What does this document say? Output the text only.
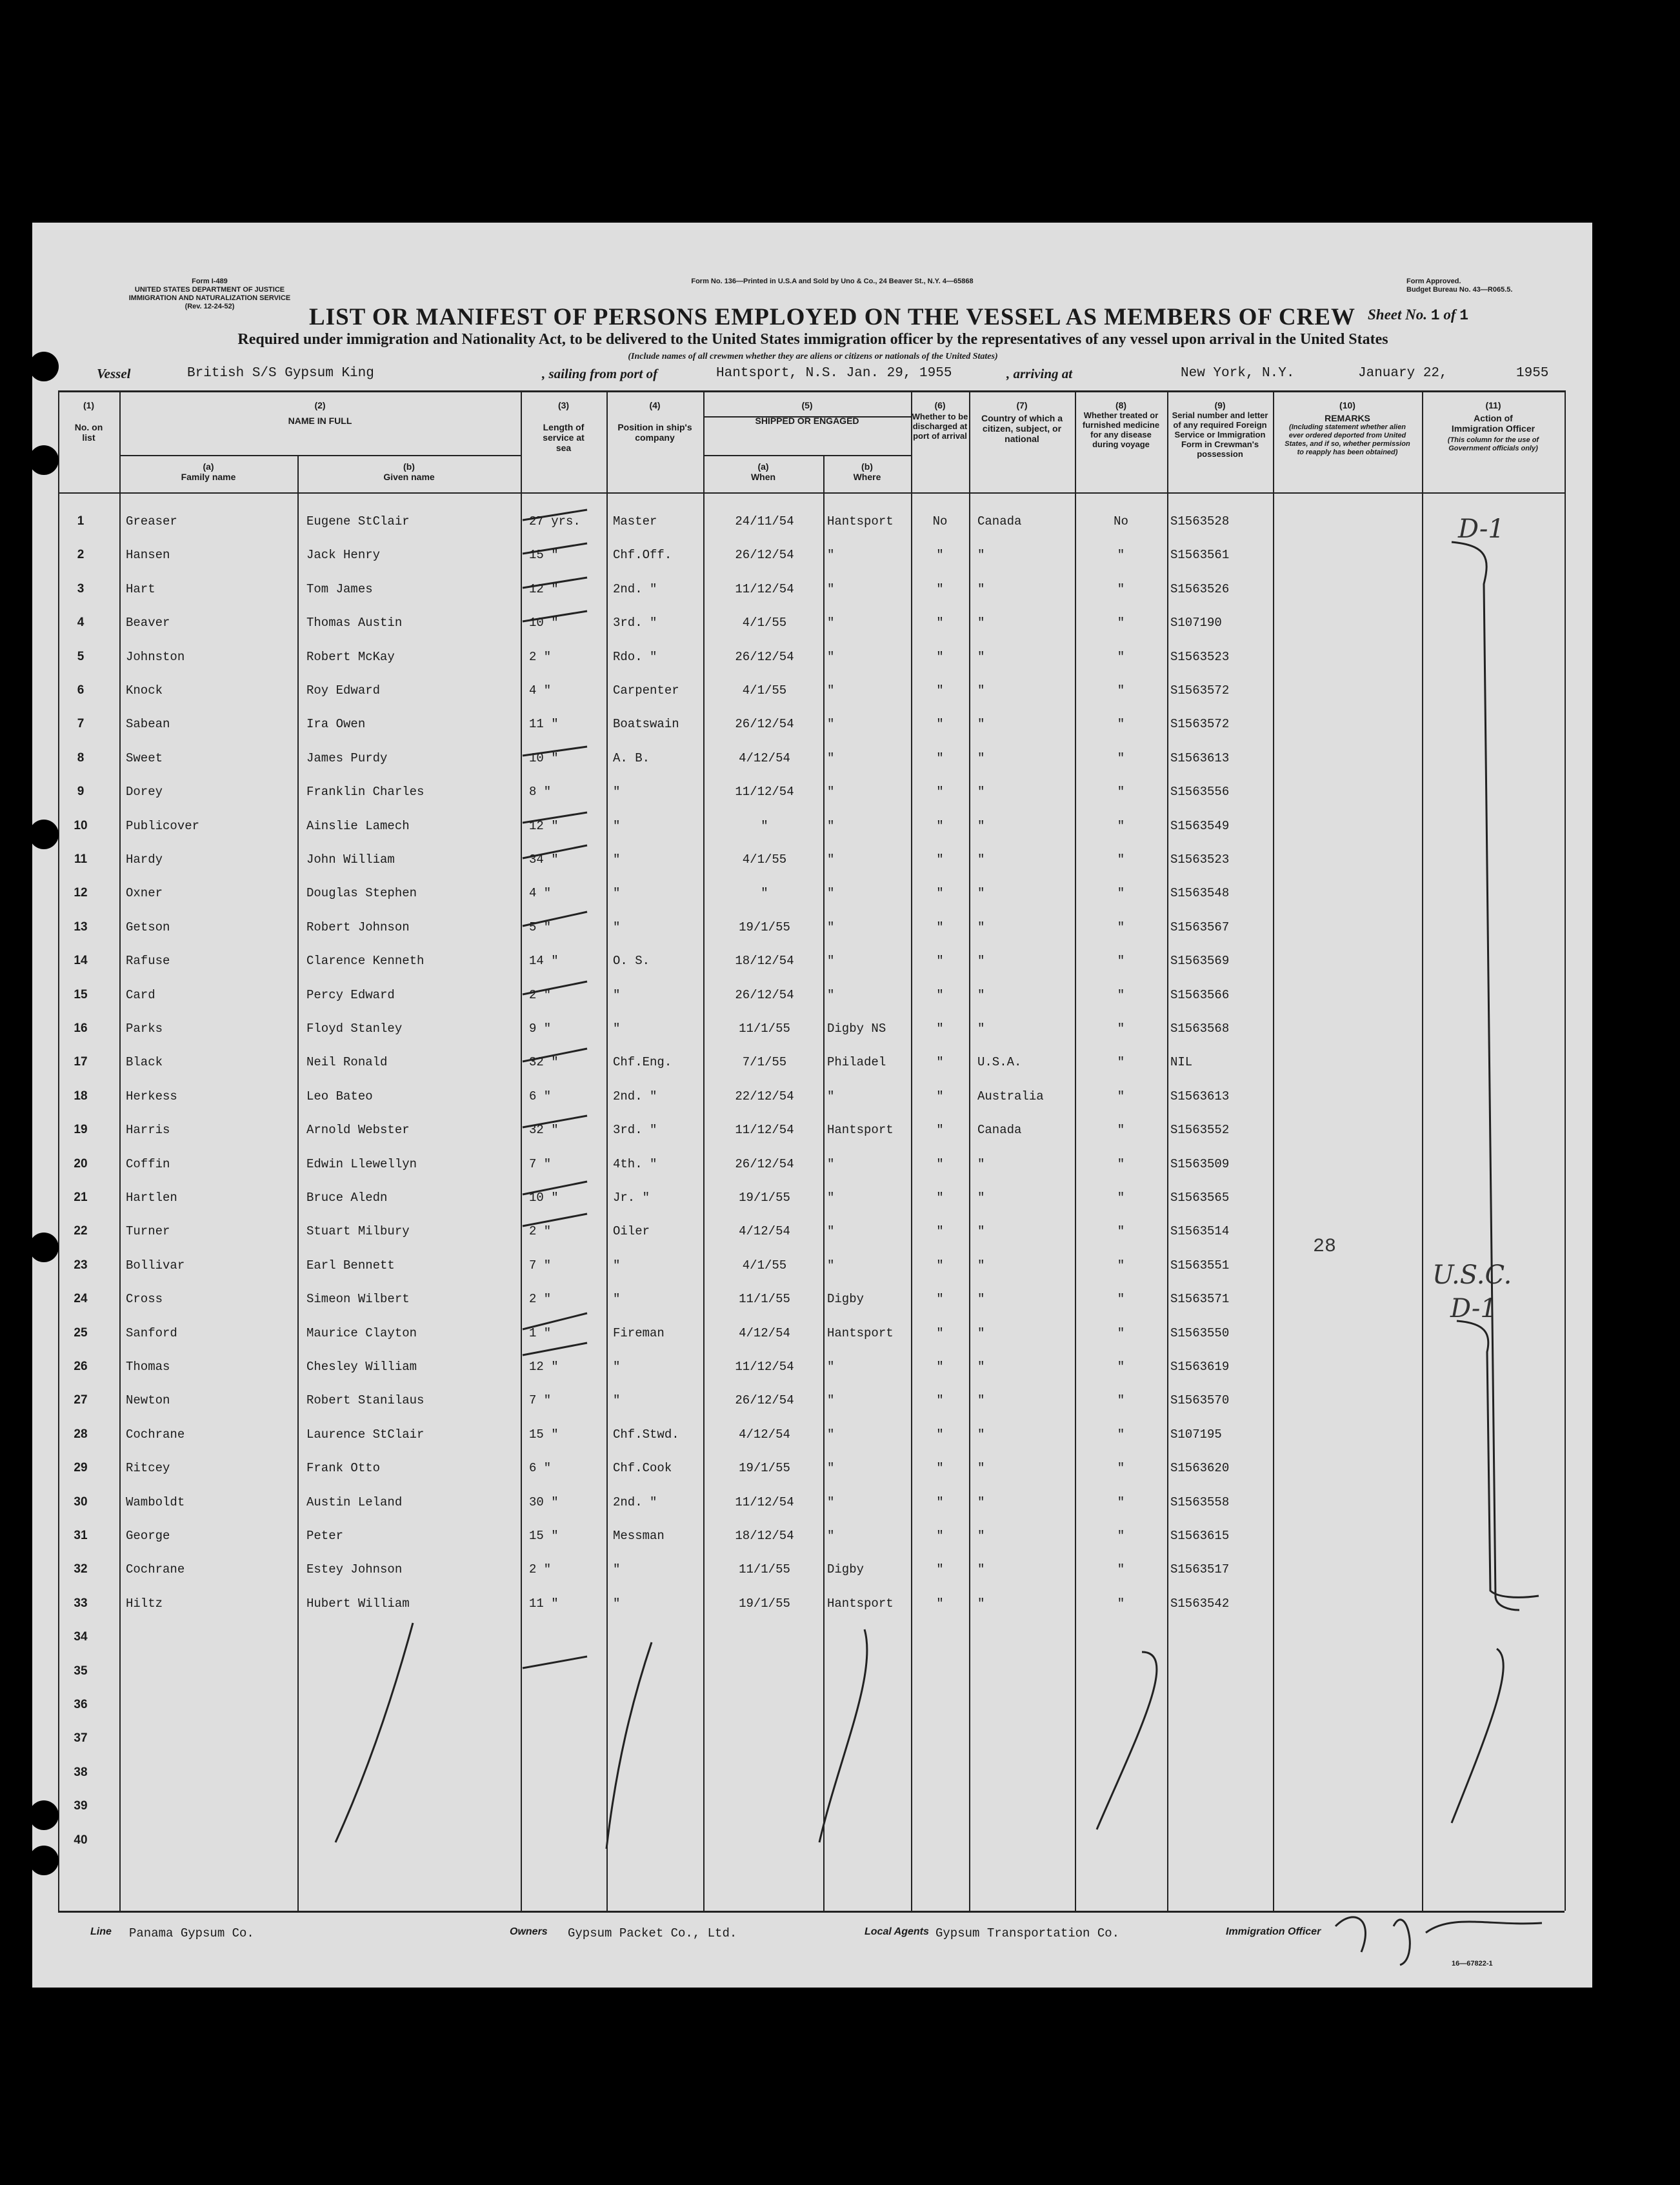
Form I-489
UNITED STATES DEPARTMENT OF JUSTICE
IMMIGRATION AND NATURALIZATION SERVICE
(Rev. 12-24-52)
Form No. 136—Printed in U.S.A and Sold by Uno & Co., 24 Beaver St., N.Y. 4—65868	Form Approved.
Budget Bureau No. 43—R065.5.
LIST OR MANIFEST OF PERSONS EMPLOYED ON THE VESSEL AS MEMBERS OF CREW Sheet No. 1 of 1
Required under immigration and Nationality Act, to be delivered to the United States immigration officer by the representatives of any vessel upon arrival in the United States
(Include names of all crewmen whether they are aliens or citizens or nationals of the United States)
Vessel	British S/S Gypsum King	, sailing from port of	Hantsport, N.S. Jan. 29, 1955	, arriving at	New York, N.Y.	January 22,	1955
(1)
No. on list
(2)
NAME IN FULL
(a)
Family name
(b)
Given name
(3)
Length of service at sea
(4)
Position in ship's company
(5)
SHIPPED OR ENGAGED
(a)
When
(b)
Where
(6)
Whether to be discharged at port of arrival
(7)
Country of which a citizen, subject, or national
(8)
Whether treated or furnished medicine for any disease during voyage
(9)
Serial number and letter of any required Foreign Service or Immigration Form in Crewman's possession
(10)
REMARKS
(Including statement whether alien ever ordered deported from United States, and if so, whether permission to reapply has been obtained)
(11)
Action of Immigration Officer
(This column for the use of Government officials only)
1	Greaser	Eugene StClair	27 yrs.	Master	24/11/54	Hantsport	No	Canada	No	S1563528
2	Hansen	Jack Henry	15 "	Chf.Off.	26/12/54	"	"	"	"	S1563561
3	Hart	Tom James	12 "	2nd. "	11/12/54	"	"	"	"	S1563526
4	Beaver	Thomas Austin	10 "	3rd. "	4/1/55	"	"	"	"	S107190
5	Johnston	Robert McKay	2 "	Rdo. "	26/12/54	"	"	"	"	S1563523
6	Knock	Roy Edward	4 "	Carpenter	4/1/55	"	"	"	"	S1563572
7	Sabean	Ira Owen	11 "	Boatswain	26/12/54	"	"	"	"	S1563572
8	Sweet	James Purdy	10 "	A. B.	4/12/54	"	"	"	"	S1563613
9	Dorey	Franklin Charles	8 "	"	11/12/54	"	"	"	"	S1563556
10	Publicover	Ainslie Lamech	12 "	"	"	"	"	"	"	S1563549
11	Hardy	John William	34 "	"	4/1/55	"	"	"	"	S1563523
12	Oxner	Douglas Stephen	4 "	"	"	"	"	"	"	S1563548
13	Getson	Robert Johnson	5 "	"	19/1/55	"	"	"	"	S1563567
14	Rafuse	Clarence Kenneth	14 "	O. S.	18/12/54	"	"	"	"	S1563569
15	Card	Percy Edward	2 "	"	26/12/54	"	"	"	"	S1563566
16	Parks	Floyd Stanley	9 "	"	11/1/55	Digby NS	"	"	"	S1563568
17	Black	Neil Ronald	32 "	Chf.Eng.	7/1/55	Philadel	"	U.S.A.	"	NIL
18	Herkess	Leo Bateo	6 "	2nd. "	22/12/54	"	"	Australia	"	S1563613
19	Harris	Arnold Webster	32 "	3rd. "	11/12/54	Hantsport	"	Canada	"	S1563552
20	Coffin	Edwin Llewellyn	7 "	4th. "	26/12/54	"	"	"	"	S1563509
21	Hartlen	Bruce Aledn	10 "	Jr. "	19/1/55	"	"	"	"	S1563565
22	Turner	Stuart Milbury	2 "	Oiler	4/12/54	"	"	"	"	S1563514
23	Bollivar	Earl Bennett	7 "	"	4/1/55	"	"	"	"	S1563551
24	Cross	Simeon Wilbert	2 "	"	11/1/55	Digby	"	"	"	S1563571
25	Sanford	Maurice Clayton	1 "	Fireman	4/12/54	Hantsport	"	"	"	S1563550
26	Thomas	Chesley William	12 "	"	11/12/54	"	"	"	"	S1563619
27	Newton	Robert Stanilaus	7 "	"	26/12/54	"	"	"	"	S1563570
28	Cochrane	Laurence StClair	15 "	Chf.Stwd.	4/12/54	"	"	"	"	S107195
29	Ritcey	Frank Otto	6 "	Chf.Cook	19/1/55	"	"	"	"	S1563620
30	Wamboldt	Austin Leland	30 "	2nd. "	11/12/54	"	"	"	"	S1563558
31	George	Peter	15 "	Messman	18/12/54	"	"	"	"	S1563615
32	Cochrane	Estey Johnson	2 "	"	11/1/55	Digby	"	"	"	S1563517
33	Hiltz	Hubert William	11 "	"	19/1/55	Hantsport	"	"	"	S1563542
34
35
36
37
38
39
40
D-1
U.S.C.
D-1
28
Line Panama Gypsum Co.	Owners Gypsum Packet Co., Ltd.	Local Agents Gypsum Transportation Co.	Immigration Officer
16—67822-1
